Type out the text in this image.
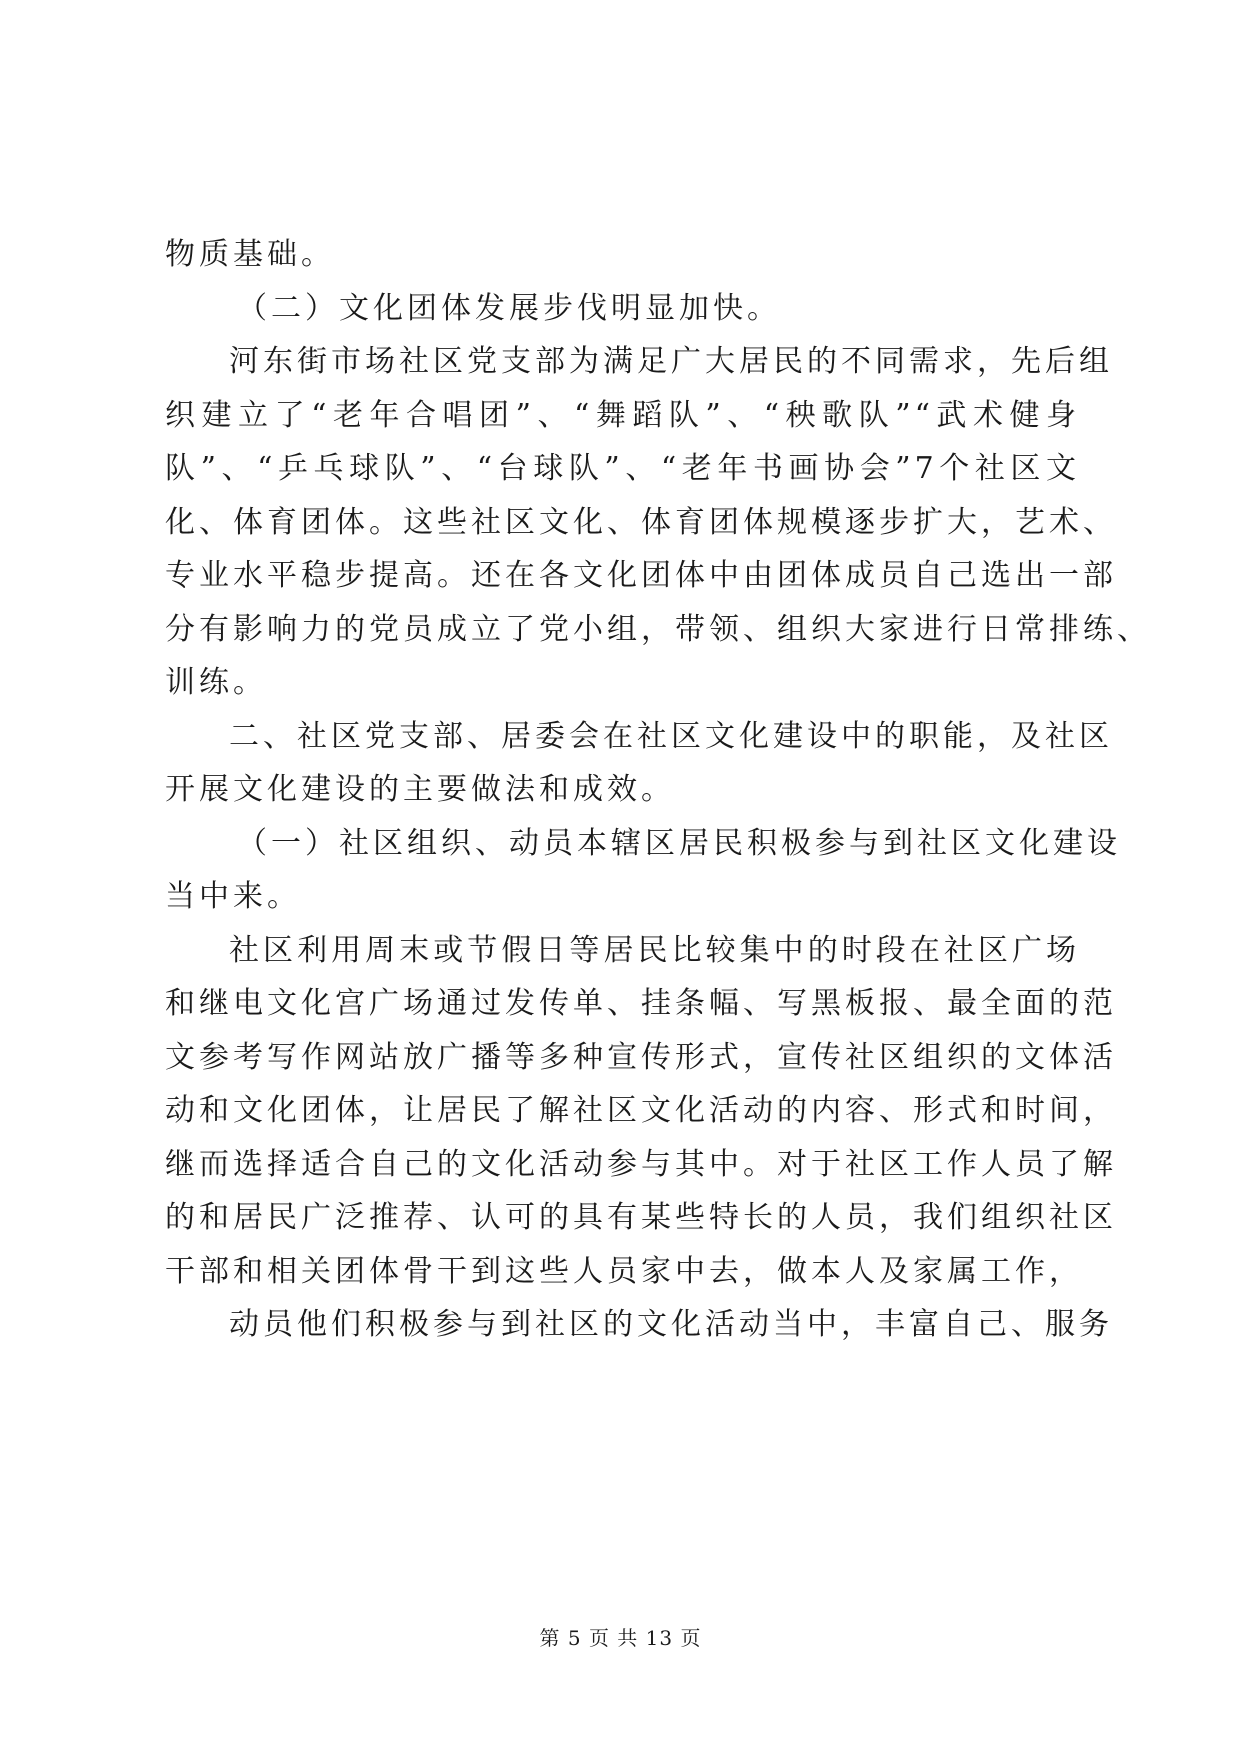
物质基础。
（二）文化团体发展步伐明显加快。
河东街市场社区党支部为满足广大居民的不同需求，先后组
织建立了“老年合唱团”、“舞蹈队”、“秧歌队”“武术健身
队”、“乒乓球队”、“台球队”、“老年书画协会”7个社区文
化、体育团体。这些社区文化、体育团体规模逐步扩大，艺术、
专业水平稳步提高。还在各文化团体中由团体成员自己选出一部
分有影响力的党员成立了党小组，带领、组织大家进行日常排练、
训练。
二、社区党支部、居委会在社区文化建设中的职能，及社区
开展文化建设的主要做法和成效。
（一）社区组织、动员本辖区居民积极参与到社区文化建设
当中来。
社区利用周末或节假日等居民比较集中的时段在社区广场
和继电文化宫广场通过发传单、挂条幅、写黑板报、最全面的范
文参考写作网站放广播等多种宣传形式，宣传社区组织的文体活
动和文化团体，让居民了解社区文化活动的内容、形式和时间，
继而选择适合自己的文化活动参与其中。对于社区工作人员了解
的和居民广泛推荐、认可的具有某些特长的人员，我们组织社区
干部和相关团体骨干到这些人员家中去，做本人及家属工作，
动员他们积极参与到社区的文化活动当中，丰富自己、服务
第 5 页 共 13 页
